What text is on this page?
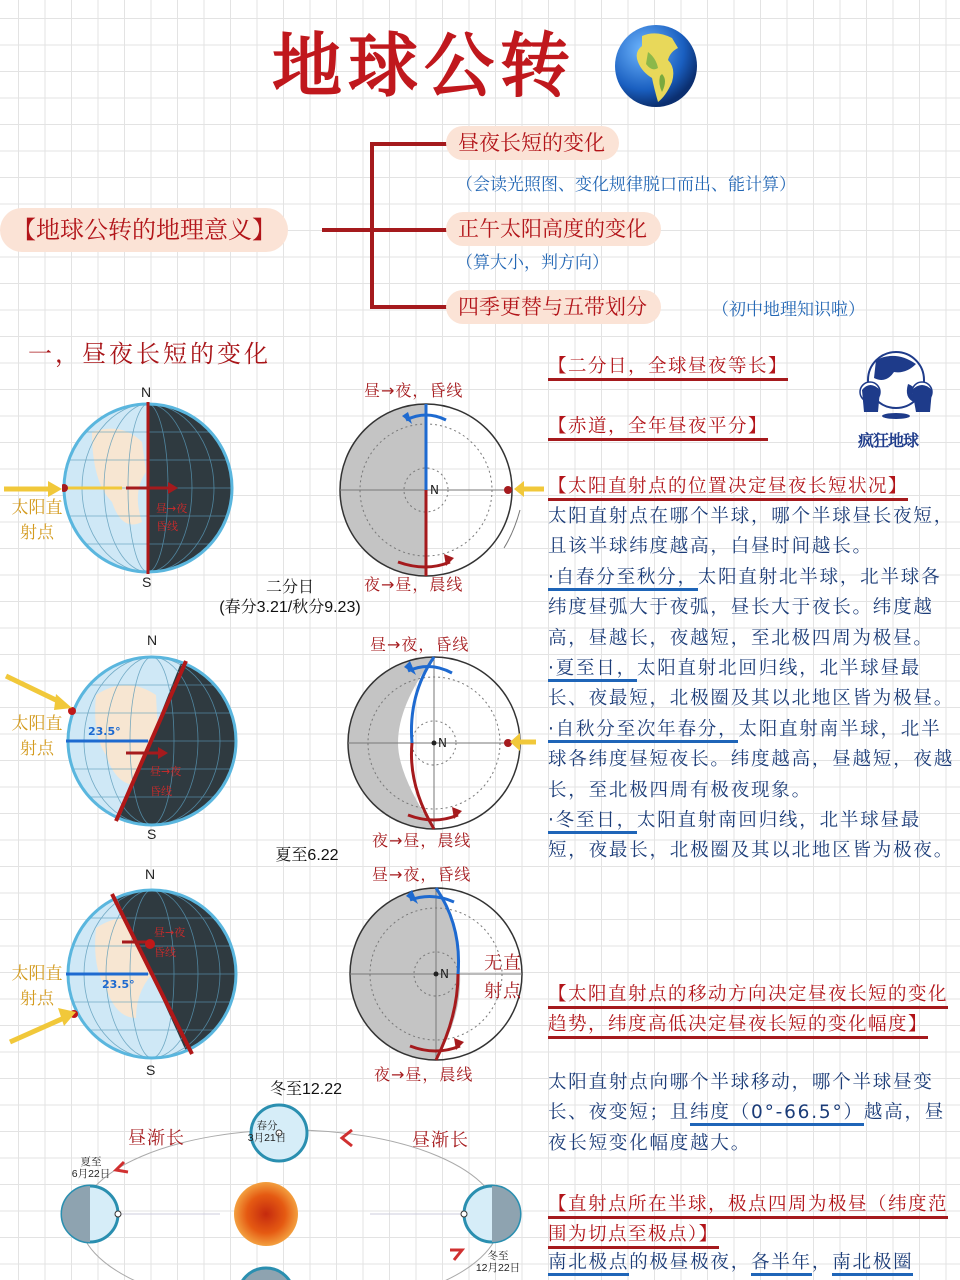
地球公转
【地球公转的地理意义】
昼夜长短的变化
（会读光照图、变化规律脱口而出、能计算）
正午太阳高度的变化
（算大小，判方向）
四季更替与五带划分	（初中地理知识啦）
一，昼夜长短的变化
N
昼→夜
昏线
S
太阳直
射点
昼→夜，昏线
N
夜→昼，晨线
二分日
(春分3.21/秋分9.23)
N
23.5°
昼→夜
昏线
S
太阳直
射点
昼→夜，昏线
N
夜→昼，晨线
夏至6.22
N
23.5°
昼→夜
昏线
S
太阳直
射点
昼→夜，昏线
N 无直
射点
夜→昼，晨线
冬至12.22
昼渐长	昼渐长
春分
3月21日
夏至
6月22日
冬至
12月22日
疯狂地球
【二分日，全球昼夜等长】
【赤道，全年昼夜平分】
【太阳直射点的位置决定昼夜长短状况】
太阳直射点在哪个半球，哪个半球昼长夜短，且该半球纬度越高，白昼时间越长。
·自春分至秋分，太阳直射北半球，北半球各纬度昼弧大于夜弧，昼长大于夜长。纬度越高，昼越长，夜越短，至北极四周为极昼。
·夏至日，太阳直射北回归线，北半球昼最长、夜最短，北极圈及其以北地区皆为极昼。
·自秋分至次年春分，太阳直射南半球，北半球各纬度昼短夜长。纬度越高，昼越短，夜越长，至北极四周有极夜现象。
·冬至日，太阳直射南回归线，北半球昼最短，夜最长，北极圈及其以北地区皆为极夜。
【太阳直射点的移动方向决定昼夜长短的变化趋势，纬度高低决定昼夜长短的变化幅度】
太阳直射点向哪个半球移动，哪个半球昼变长、夜变短；且纬度（0°-66.5°）越高，昼夜长短变化幅度越大。
【直射点所在半球，极点四周为极昼（纬度范围为切点至极点）】
南北极点的极昼极夜，各半年，南北极圈
